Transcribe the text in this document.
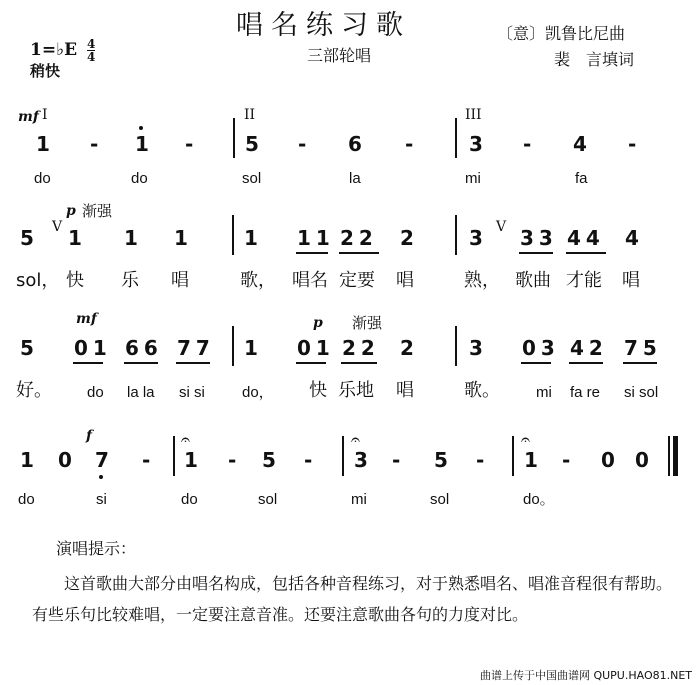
唱名练习歌
三部轮唱
〔意〕凯鲁比尼曲
裴　言填词
1=♭E $\frac{4}{4}$
稍快
mf I	II	III
1 - 1 -	5 - 6 -	3 - 4 -
do	do	sol	la	mi	fa
p 渐强
V	V
5 1 1 1	1 11 22 2	3 33 44 4
sol， 快 乐 唱	歌， 唱名 定要 唱	熟， 歌曲 才能 唱
mf	p 渐强
5 01 66 77 1 01 22 2	3 03 42 75
好。 do la la si si do， 快 乐地 唱	歌。 mi fa re si sol
f
1 0 7 -
𝄐
1 - 5 -
𝄐
3 - 5 -
𝄐
1 - 0 0
do	si	do	sol	mi	sol	do。
演唱提示：
这首歌曲大部分由唱名构成，包括各种音程练习，对于熟悉唱名、唱准音程很有帮助。有些乐句比较难唱，一定要注意音准。还要注意歌曲各句的力度对比。
曲谱上传于中国曲谱网 QUPU.HAO81.NET
